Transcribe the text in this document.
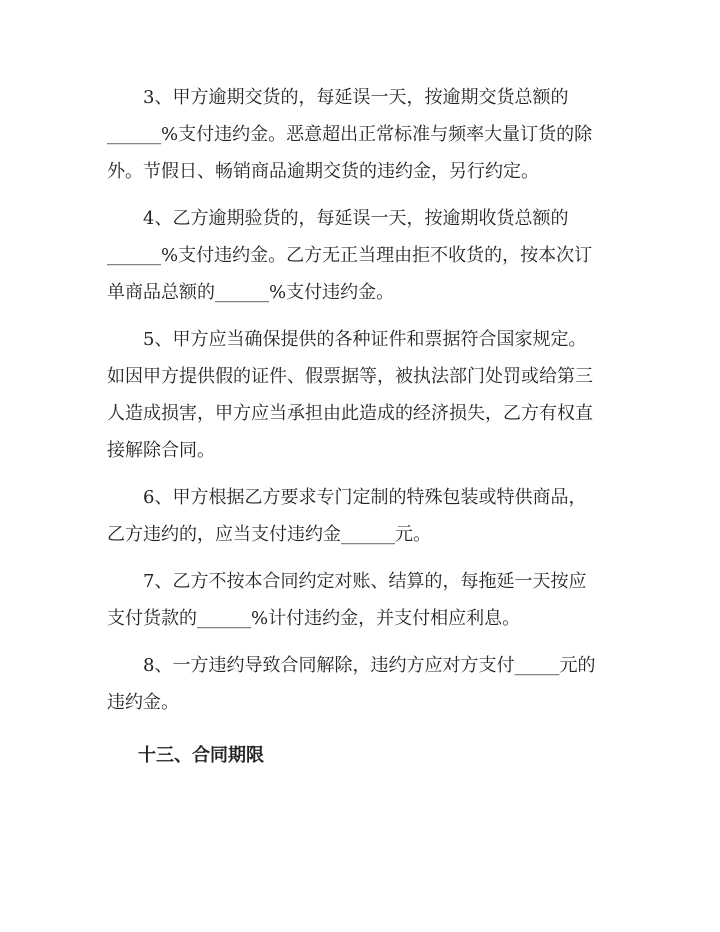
　　3、甲方逾期交货的，每延误一天，按逾期交货总额的
______%支付违约金。恶意超出正常标准与频率大量订货的除
外。节假日、畅销商品逾期交货的违约金，另行约定。
　　4、乙方逾期验货的，每延误一天，按逾期收货总额的
______%支付违约金。乙方无正当理由拒不收货的，按本次订
单商品总额的______%支付违约金。
　　5、甲方应当确保提供的各种证件和票据符合国家规定。
如因甲方提供假的证件、假票据等，被执法部门处罚或给第三
人造成损害，甲方应当承担由此造成的经济损失，乙方有权直
接解除合同。
　　6、甲方根据乙方要求专门定制的特殊包装或特供商品，
乙方违约的，应当支付违约金______元。
　　7、乙方不按本合同约定对账、结算的，每拖延一天按应
支付货款的______%计付违约金，并支付相应利息。
　　8、一方违约导致合同解除，违约方应对方支付_____元的
违约金。
十三、合同期限
